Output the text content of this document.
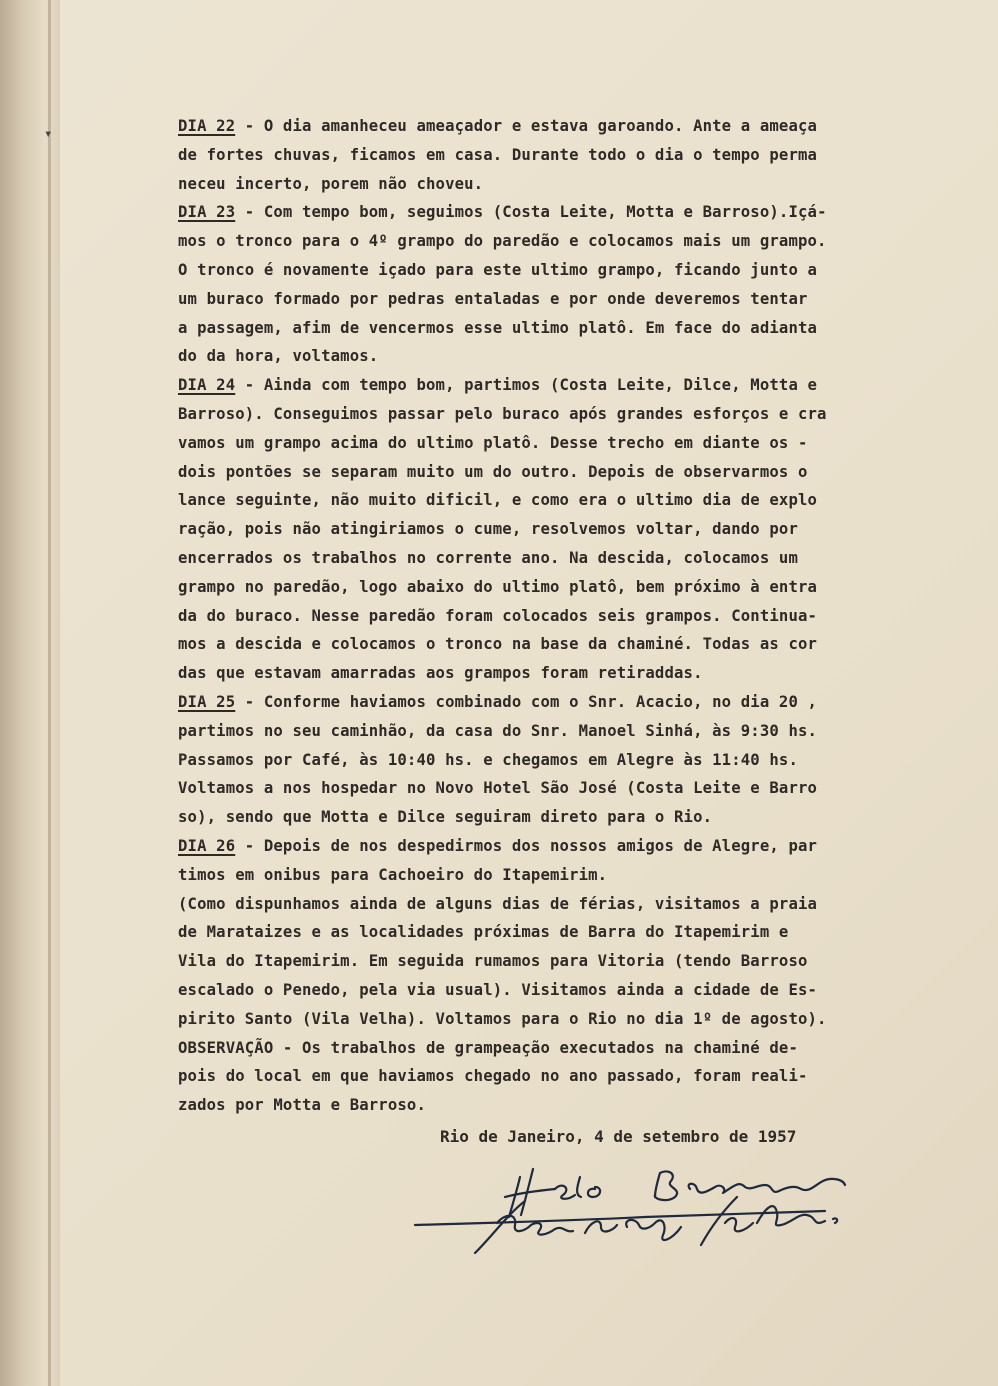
▾	DIA 22 - O dia amanheceu ameaçador e estava garoando. Ante a ameaça

de fortes chuvas, ficamos em casa. Durante todo o dia o tempo perma

neceu incerto, porem não choveu.

DIA 23 - Com tempo bom, seguimos (Costa Leite, Motta e Barroso).Içá-

mos o tronco para o 4º grampo do paredão e colocamos mais um grampo.

O tronco é novamente içado para este ultimo grampo, ficando junto a

um buraco formado por pedras entaladas e por onde deveremos tentar

a passagem, afim de vencermos esse ultimo platô. Em face do adianta

do da hora, voltamos.

DIA 24 - Ainda com tempo bom, partimos (Costa Leite, Dilce, Motta e

Barroso). Conseguimos passar pelo buraco após grandes esforços e cra

vamos um grampo acima do ultimo platô. Desse trecho em diante os -

dois pontões se separam muito um do outro. Depois de observarmos o

lance seguinte, não muito dificil, e como era o ultimo dia de explo

ração, pois não atingiriamos o cume, resolvemos voltar, dando por

encerrados os trabalhos no corrente ano. Na descida, colocamos um

grampo no paredão, logo abaixo do ultimo platô, bem próximo à entra

da do buraco. Nesse paredão foram colocados seis grampos. Continua-

mos a descida e colocamos o tronco na base da chaminé. Todas as cor

das que estavam amarradas aos grampos foram retiraddas.

DIA 25 - Conforme haviamos combinado com o Snr. Acacio, no dia 20 ,

partimos no seu caminhão, da casa do Snr. Manoel Sinhá, às 9:30 hs.

Passamos por Café, às 10:40 hs. e chegamos em Alegre às 11:40 hs.

Voltamos a nos hospedar no Novo Hotel São José (Costa Leite e Barro

so), sendo que Motta e Dilce seguiram direto para o Rio.

DIA 26 - Depois de nos despedirmos dos nossos amigos de Alegre, par

timos em onibus para Cachoeiro do Itapemirim.

(Como dispunhamos ainda de alguns dias de férias, visitamos a praia

de Marataizes e as localidades próximas de Barra do Itapemirim e

Vila do Itapemirim. Em seguida rumamos para Vitoria (tendo Barroso

escalado o Penedo, pela via usual). Visitamos ainda a cidade de Es-

pirito Santo (Vila Velha). Voltamos para o Rio no dia 1º de agosto).

OBSERVAÇÃO - Os trabalhos de grampeação executados na chaminé de-

pois do local em que haviamos chegado no ano passado, foram reali-

zados por Motta e Barroso.

Rio de Janeiro, 4 de setembro de 1957
